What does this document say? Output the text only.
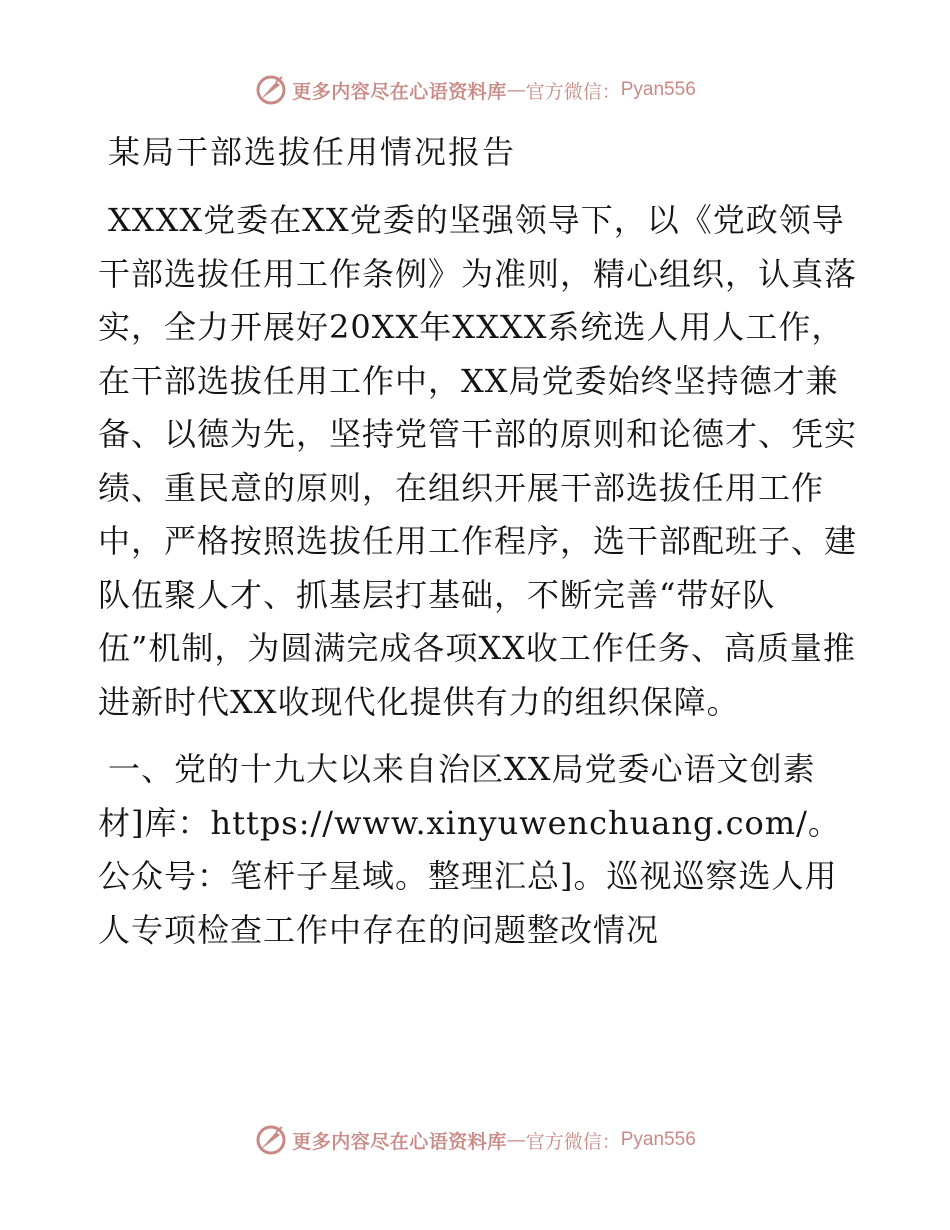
更多内容尽在心语资料库 — 官方微信： Pyan556
某局干部选拔任用情况报告

XXXX党委在XX党委的坚强领导下，以《党政领导干部选拔任用工作条例》为准则，精心组织，认真落实，全力开展好20XX年XXXX系统选人用人工作，在干部选拔任用工作中，XX局党委始终坚持德才兼备、以德为先，坚持党管干部的原则和论德才、凭实绩、重民意的原则，在组织开展干部选拔任用工作中，严格按照选拔任用工作程序，选干部配班子、建队伍聚人才、抓基层打基础，不断完善“带好队伍”机制，为圆满完成各项XX收工作任务、高质量推进新时代XX收现代化提供有力的组织保障。

一、党的十九大以来自治区XX局党委心语文创素材]库：https://www.xinyuwenchuang.com/。公众号：笔杆子星域。整理汇总]。巡视巡察选人用人专项检查工作中存在的问题整改情况

更多内容尽在心语资料库 — 官方微信： Pyan556
